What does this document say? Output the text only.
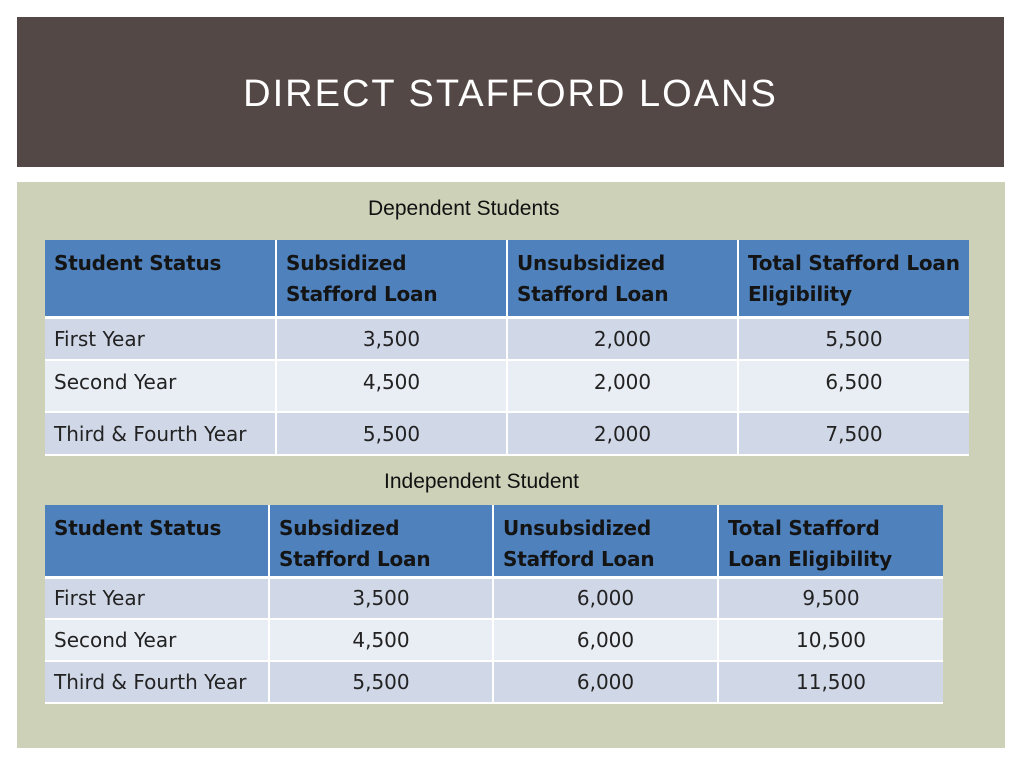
DIRECT STAFFORD LOANS
Dependent Students
Student Status	Subsidized Stafford Loan	Unsubsidized Stafford Loan	Total Stafford Loan Eligibility
First Year	3,500	2,000	5,500
Second Year	4,500	2,000	6,500
Third & Fourth Year	5,500	2,000	7,500
Independent Student
Student Status	Subsidized Stafford Loan	Unsubsidized Stafford Loan	Total Stafford Loan Eligibility
First Year	3,500	6,000	9,500
Second Year	4,500	6,000	10,500
Third & Fourth Year	5,500	6,000	11,500
